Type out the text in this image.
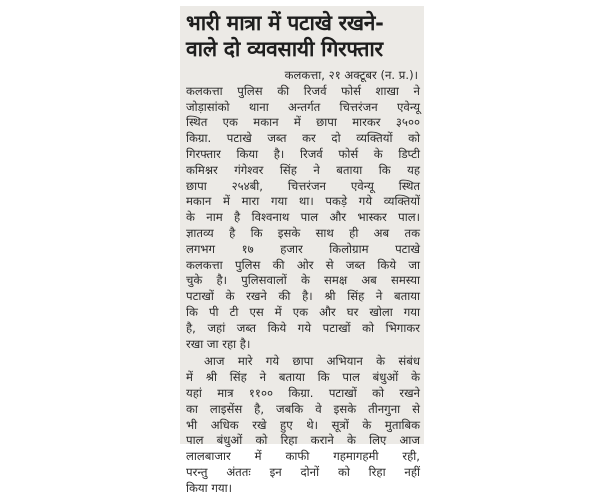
भारी मात्रा में पटाखे रखने-
वाले दो व्यवसायी गिरफ्तार
कलकत्ता, २१ अक्टूबर (न. प्र.)।
कलकत्ता पुलिस की रिजर्व फोर्स शाखा ने
जोड़ासांको थाना अन्तर्गत चित्तरंजन एवेन्यू
स्थित एक मकान में छापा मारकर ३५००
किग्रा. पटाखे जब्त कर दो व्यक्तियों को
गिरफ्तार किया है। रिजर्व फोर्स के डिप्टी
कमिश्नर गंगेश्वर सिंह ने बताया कि यह
छापा २५४बी, चित्तरंजन एवेन्यू स्थित
मकान में मारा गया था। पकड़े गये व्यक्तियों
के नाम है विश्वनाथ पाल और भास्कर पाल।
ज्ञातव्य है कि इसके साथ ही अब तक
लगभग १७ हजार किलोग्राम पटाखे
कलकत्ता पुलिस की ओर से जब्त किये जा
चुके है। पुलिसवालों के समक्ष अब समस्या
पटाखों के रखने की है। श्री सिंह ने बताया
कि पी टी एस में एक और घर खोला गया
है, जहां जब्त किये गये पटाखों को भिगाकर
रखा जा रहा है।
आज मारे गये छापा अभियान के संबंध
में श्री सिंह ने बताया कि पाल बंधुओं के
यहां मात्र ११०० किग्रा. पटाखों को रखने
का लाइसेंस है, जबकि वे इसके तीनगुना से
भी अधिक रखे हुए थे। सूत्रों के मुताबिक
पाल बंधुओं को रिहा कराने के लिए आज
लालबाजार में काफी गहमागहमी रही,
परन्तु अंततः इन दोनों को रिहा नहीं
किया गया।
